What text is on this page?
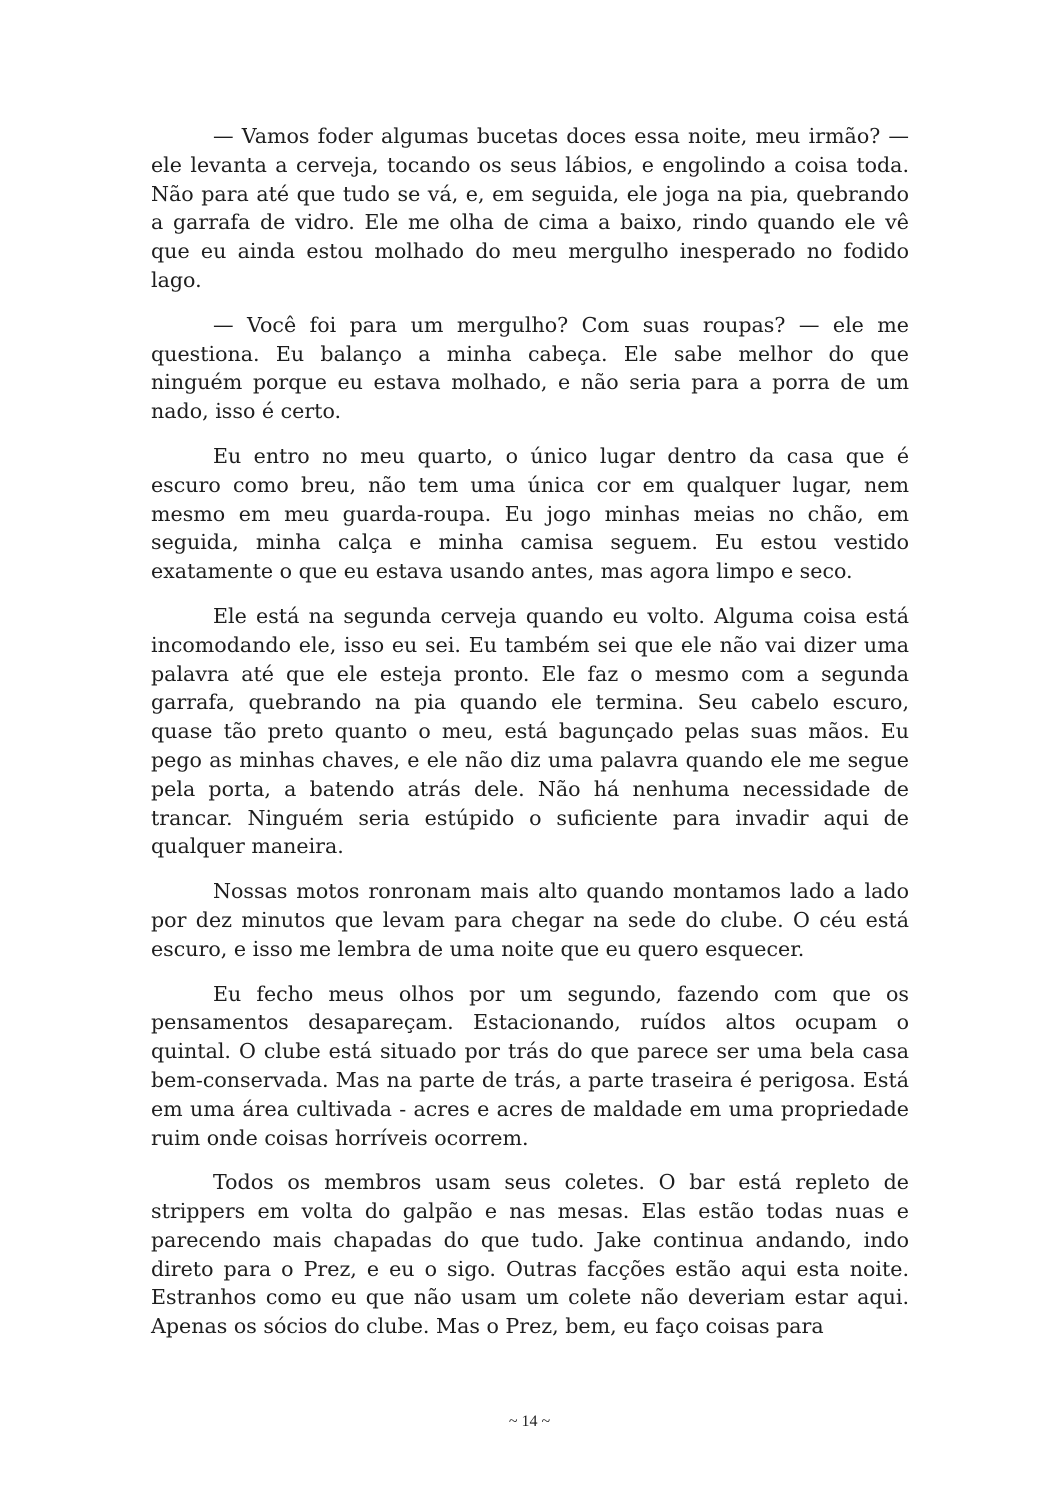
— Vamos foder algumas bucetas doces essa noite, meu irmão? — ele levanta a cerveja, tocando os seus lábios, e engolindo a coisa toda. Não para até que tudo se vá, e, em seguida, ele joga na pia, quebrando a garrafa de vidro. Ele me olha de cima a baixo, rindo quando ele vê que eu ainda estou molhado do meu mergulho inesperado no fodido lago.

— Você foi para um mergulho? Com suas roupas? — ele me questiona. Eu balanço a minha cabeça. Ele sabe melhor do que ninguém porque eu estava molhado, e não seria para a porra de um nado, isso é certo.

Eu entro no meu quarto, o único lugar dentro da casa que é escuro como breu, não tem uma única cor em qualquer lugar, nem mesmo em meu guarda-roupa. Eu jogo minhas meias no chão, em seguida, minha calça e minha camisa seguem. Eu estou vestido exatamente o que eu estava usando antes, mas agora limpo e seco.

Ele está na segunda cerveja quando eu volto. Alguma coisa está incomodando ele, isso eu sei. Eu também sei que ele não vai dizer uma palavra até que ele esteja pronto. Ele faz o mesmo com a segunda garrafa, quebrando na pia quando ele termina. Seu cabelo escuro, quase tão preto quanto o meu, está bagunçado pelas suas mãos. Eu pego as minhas chaves, e ele não diz uma palavra quando ele me segue pela porta, a batendo atrás dele. Não há nenhuma necessidade de trancar. Ninguém seria estúpido o suficiente para invadir aqui de qualquer maneira.

Nossas motos ronronam mais alto quando montamos lado a lado por dez minutos que levam para chegar na sede do clube. O céu está escuro, e isso me lembra de uma noite que eu quero esquecer.

Eu fecho meus olhos por um segundo, fazendo com que os pensamentos desapareçam. Estacionando, ruídos altos ocupam o quintal. O clube está situado por trás do que parece ser uma bela casa bem-conservada. Mas na parte de trás, a parte traseira é perigosa. Está em uma área cultivada - acres e acres de maldade em uma propriedade ruim onde coisas horríveis ocorrem.

Todos os membros usam seus coletes. O bar está repleto de strippers em volta do galpão e nas mesas. Elas estão todas nuas e parecendo mais chapadas do que tudo. Jake continua andando, indo direto para o Prez, e eu o sigo. Outras facções estão aqui esta noite. Estranhos como eu que não usam um colete não deveriam estar aqui. Apenas os sócios do clube. Mas o Prez, bem, eu faço coisas para

~ 14 ~
